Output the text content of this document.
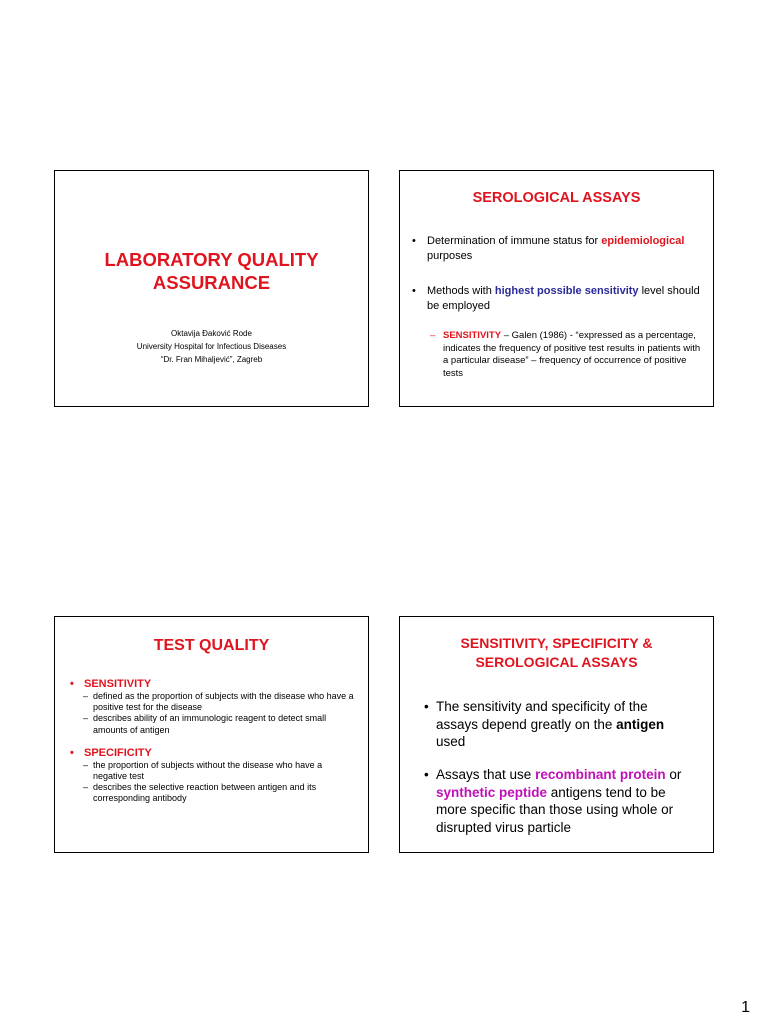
LABORATORY QUALITY
ASSURANCE
Oktavija Đaković Rode
University Hospital for Infectious Diseases
“Dr. Fran Mihaljević”, Zagreb
SEROLOGICAL ASSAYS
•	Determination of immune status for epidemiological purposes
•	Methods with highest possible sensitivity level should be employed
– SENSITIVITY – Galen (1986) - “expressed as a percentage, indicates the frequency of positive test results in patients with a particular disease” – frequency of occurrence of positive tests
TEST QUALITY
• SENSITIVITY
– defined as the proportion of subjects with the disease who have a positive test for the disease
– describes ability of an immunologic reagent to detect small amounts of antigen
• SPECIFICITY
– the proportion of subjects without the disease who have a negative test
– describes the selective reaction between antigen and its corresponding antibody
SENSITIVITY, SPECIFICITY &
SEROLOGICAL ASSAYS
• The sensitivity and specificity of the assays depend greatly on the antigen used
• Assays that use recombinant protein or synthetic peptide antigens tend to be more specific than those using whole or disrupted virus particle
1
